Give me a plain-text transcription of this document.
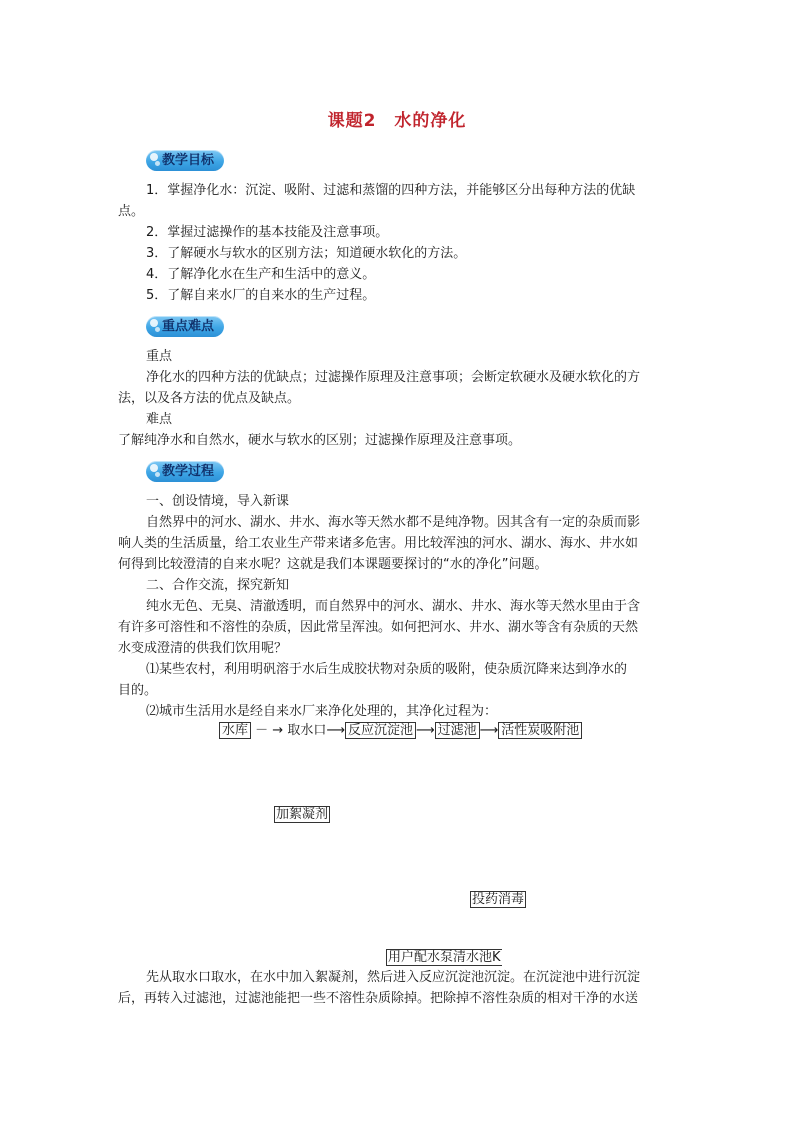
课题2　水的净化
教学目标
1．掌握净化水：沉淀、吸附、过滤和蒸馏的四种方法，并能够区分出每种方法的优缺
点。
2．掌握过滤操作的基本技能及注意事项。
3．了解硬水与软水的区别方法；知道硬水软化的方法。
4．了解净化水在生产和生活中的意义。
5．了解自来水厂的自来水的生产过程。
重点难点
重点
净化水的四种方法的优缺点；过滤操作原理及注意事项；会断定软硬水及硬水软化的方
法，以及各方法的优点及缺点。
难点
了解纯净水和自然水，硬水与软水的区别；过滤操作原理及注意事项。
教学过程
一、创设情境，导入新课
自然界中的河水、湖水、井水、海水等天然水都不是纯净物。因其含有一定的杂质而影
响人类的生活质量，给工农业生产带来诸多危害。用比较浑浊的河水、湖水、海水、井水如
何得到比较澄清的自来水呢？这就是我们本课题要探讨的“水的净化”问题。
二、合作交流，探究新知
纯水无色、无臭、清澈透明，而自然界中的河水、湖水、井水、海水等天然水里由于含
有许多可溶性和不溶性的杂质，因此常呈浑浊。如何把河水、井水、湖水等含有杂质的天然
水变成澄清的供我们饮用呢？
⑴某些农村，利用明矾溶于水后生成胶状物对杂质的吸附，使杂质沉降来达到净水的
目的。
⑵城市生活用水是经自来水厂来净化处理的，其净化过程为：
水库 － → 取水口⟶ 反应沉淀池 ⟶ 过滤池 ⟶ 活性炭吸附池
加絮凝剂
投药消毒
用户配水泵清水池K
先从取水口取水，在水中加入絮凝剂，然后进入反应沉淀池沉淀。在沉淀池中进行沉淀
后，再转入过滤池，过滤池能把一些不溶性杂质除掉。把除掉不溶性杂质的相对干净的水送
